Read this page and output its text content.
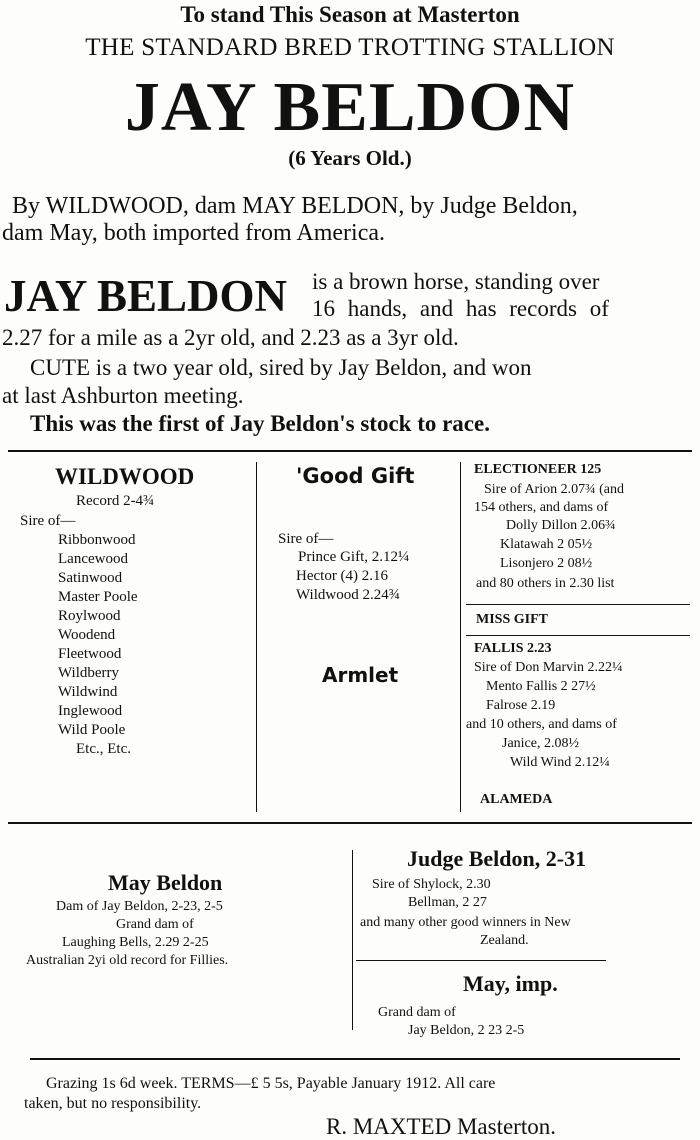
To stand This Season at Masterton
THE STANDARD BRED TROTTING STALLION
JAY BELDON
(6 Years Old.)
By WILDWOOD, dam MAY BELDON, by Judge Beldon,
dam May, both imported from America.
JAY BELDON is a brown horse, standing over
16 hands, and has records of
2.27 for a mile as a 2yr old, and 2.23 as a 3yr old.
CUTE is a two year old, sired by Jay Beldon, and won
at last Ashburton meeting.
This was the first of Jay Beldon's stock to race.
WILDWOOD
Record 2-4¾
Sire of—
Ribbonwood
Lancewood
Satinwood
Master Poole
Roylwood
Woodend
Fleetwood
Wildberry
Wildwind
Inglewood
Wild Poole
Etc., Etc.
'Good Gift
Sire of—
Prince Gift, 2.12¼
Hector (4) 2.16
Wildwood 2.24¾
Armlet
ELECTIONEER 125
Sire of Arion 2.07¾ (and
154 others, and dams of
Dolly Dillon 2.06¾
Klatawah 2 05½
Lisonjero 2 08½
and 80 others in 2.30 list
MISS GIFT
FALLIS 2.23
Sire of Don Marvin 2.22¼
Mento Fallis 2 27½
Falrose 2.19
and 10 others, and dams of
Janice, 2.08½
Wild Wind 2.12¼
ALAMEDA
May Beldon
Dam of Jay Beldon, 2-23, 2-5
Grand dam of
Laughing Bells, 2.29 2-25
Australian 2yi old record for Fillies.
Judge Beldon, 2-31
Sire of Shylock, 2.30
Bellman, 2 27
and many other good winners in New
Zealand.
May, imp.
Grand dam of
Jay Beldon, 2 23 2-5
Grazing 1s 6d week. TERMS—£ 5 5s, Payable January 1912. All care
taken, but no responsibility.
R. MAXTED Masterton.
